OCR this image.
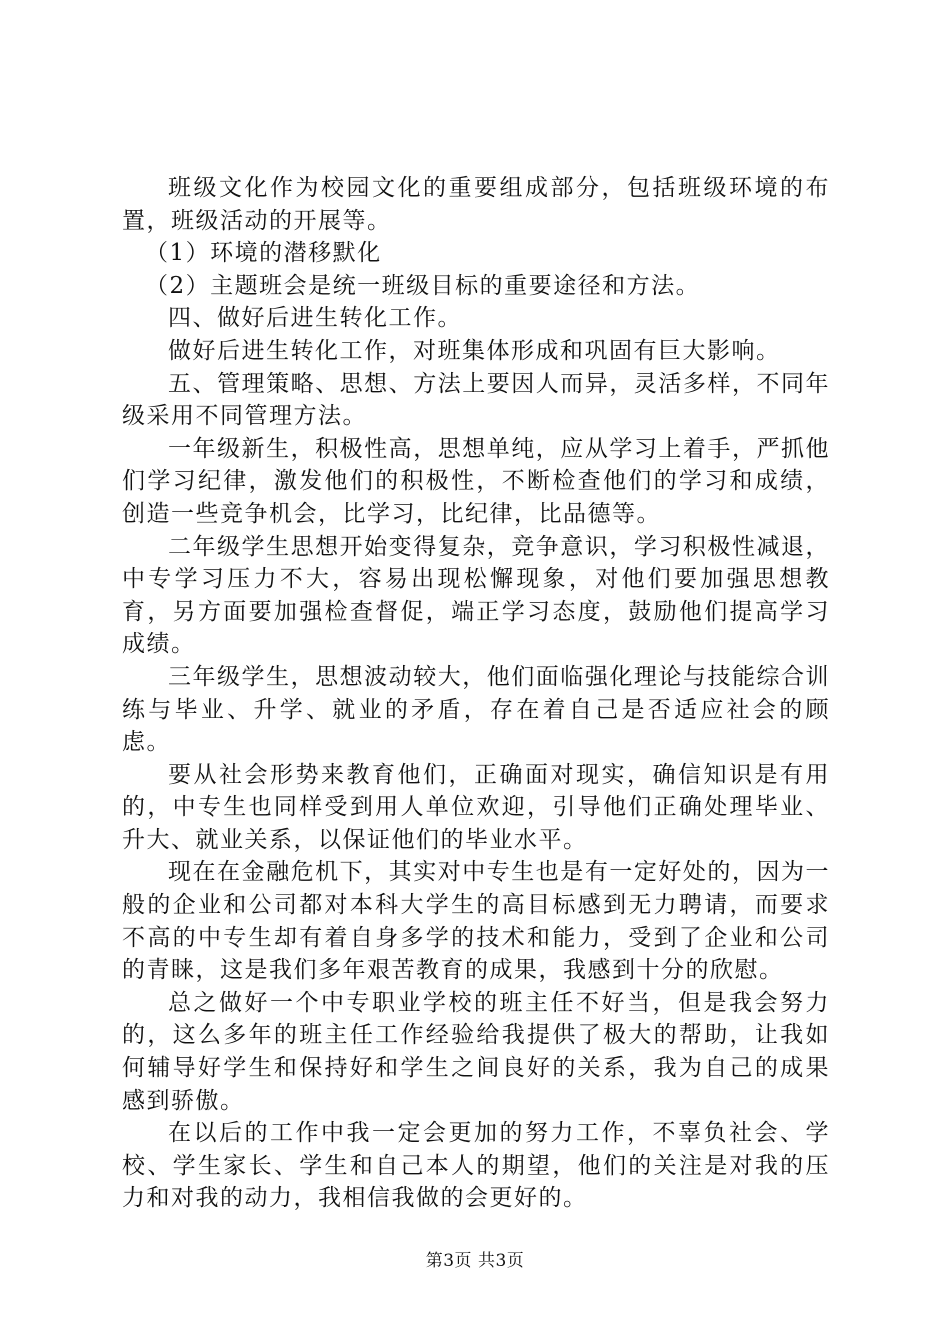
班级文化作为校园文化的重要组成部分，包括班级环境的布置，班级活动的开展等。

（1）环境的潜移默化

（2）主题班会是统一班级目标的重要途径和方法。

四、做好后进生转化工作。

做好后进生转化工作，对班集体形成和巩固有巨大影响。

五、管理策略、思想、方法上要因人而异，灵活多样，不同年级采用不同管理方法。

一年级新生，积极性高，思想单纯，应从学习上着手，严抓他们学习纪律，激发他们的积极性，不断检查他们的学习和成绩，创造一些竞争机会，比学习，比纪律，比品德等。

二年级学生思想开始变得复杂，竞争意识，学习积极性减退，中专学习压力不大，容易出现松懈现象，对他们要加强思想教育，另方面要加强检查督促，端正学习态度，鼓励他们提高学习成绩。

三年级学生，思想波动较大，他们面临强化理论与技能综合训练与毕业、升学、就业的矛盾，存在着自己是否适应社会的顾虑。

要从社会形势来教育他们，正确面对现实，确信知识是有用的，中专生也同样受到用人单位欢迎，引导他们正确处理毕业、升大、就业关系，以保证他们的毕业水平。

现在在金融危机下，其实对中专生也是有一定好处的，因为一般的企业和公司都对本科大学生的高目标感到无力聘请，而要求不高的中专生却有着自身多学的技术和能力，受到了企业和公司的青睐，这是我们多年艰苦教育的成果，我感到十分的欣慰。

总之做好一个中专职业学校的班主任不好当，但是我会努力的，这么多年的班主任工作经验给我提供了极大的帮助，让我如何辅导好学生和保持好和学生之间良好的关系，我为自己的成果感到骄傲。

在以后的工作中我一定会更加的努力工作，不辜负社会、学校、学生家长、学生和自己本人的期望，他们的关注是对我的压力和对我的动力，我相信我做的会更好的。

第3页 共3页
